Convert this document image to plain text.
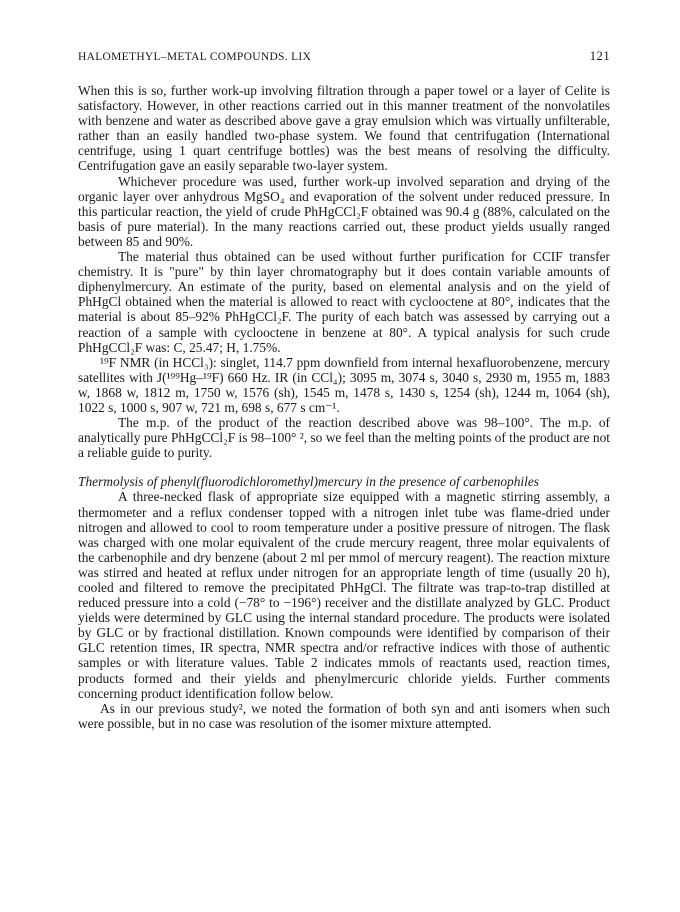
HALOMETHYL–METAL COMPOUNDS. LIX	121

When this is so, further work-up involving filtration through a paper towel or a layer of Celite is satisfactory. However, in other reactions carried out in this manner treatment of the nonvolatiles with benzene and water as described above gave a gray emulsion which was virtually unfilterable, rather than an easily handled two-phase system. We found that centrifugation (International centrifuge, using 1 quart centrifuge bottles) was the best means of resolving the difficulty. Centrifugation gave an easily separable two-layer system.

Whichever procedure was used, further work-up involved separation and drying of the organic layer over anhydrous MgSO₄ and evaporation of the solvent under reduced pressure. In this particular reaction, the yield of crude PhHgCCl₂F obtained was 90.4 g (88%, calculated on the basis of pure material). In the many reactions carried out, these product yields usually ranged between 85 and 90%.

The material thus obtained can be used without further purification for CCIF transfer chemistry. It is "pure" by thin layer chromatography but it does contain variable amounts of diphenylmercury. An estimate of the purity, based on elemental analysis and on the yield of PhHgCl obtained when the material is allowed to react with cyclooctene at 80°, indicates that the material is about 85–92% PhHgCCl₂F. The purity of each batch was assessed by carrying out a reaction of a sample with cyclooctene in benzene at 80°. A typical analysis for such crude PhHgCCl₂F was: C, 25.47; H, 1.75%.

¹⁹F NMR (in HCCl₃): singlet, 114.7 ppm downfield from internal hexafluorobenzene, mercury satellites with J(¹⁹⁹Hg–¹⁹F) 660 Hz. IR (in CCl₄); 3095 m, 3074 s, 3040 s, 2930 m, 1955 m, 1883 w, 1868 w, 1812 m, 1750 w, 1576 (sh), 1545 m, 1478 s, 1430 s, 1254 (sh), 1244 m, 1064 (sh), 1022 s, 1000 s, 907 w, 721 m, 698 s, 677 s cm⁻¹.

The m.p. of the product of the reaction described above was 98–100°. The m.p. of analytically pure PhHgCCl₂F is 98–100° ², so we feel than the melting points of the product are not a reliable guide to purity.

Thermolysis of phenyl(fluorodichloromethyl)mercury in the presence of carbenophiles

A three-necked flask of appropriate size equipped with a magnetic stirring assembly, a thermometer and a reflux condenser topped with a nitrogen inlet tube was flame-dried under nitrogen and allowed to cool to room temperature under a positive pressure of nitrogen. The flask was charged with one molar equivalent of the crude mercury reagent, three molar equivalents of the carbenophile and dry benzene (about 2 ml per mmol of mercury reagent). The reaction mixture was stirred and heated at reflux under nitrogen for an appropriate length of time (usually 20 h), cooled and filtered to remove the precipitated PhHgCl. The filtrate was trap-to-trap distilled at reduced pressure into a cold (−78° to −196°) receiver and the distillate analyzed by GLC. Product yields were determined by GLC using the internal standard procedure. The products were isolated by GLC or by fractional distillation. Known compounds were identified by comparison of their GLC retention times, IR spectra, NMR spectra and/or refractive indices with those of authentic samples or with literature values. Table 2 indicates mmols of reactants used, reaction times, products formed and their yields and phenylmercuric chloride yields. Further comments concerning product identification follow below.

As in our previous study², we noted the formation of both syn and anti isomers when such were possible, but in no case was resolution of the isomer mixture attempted.
